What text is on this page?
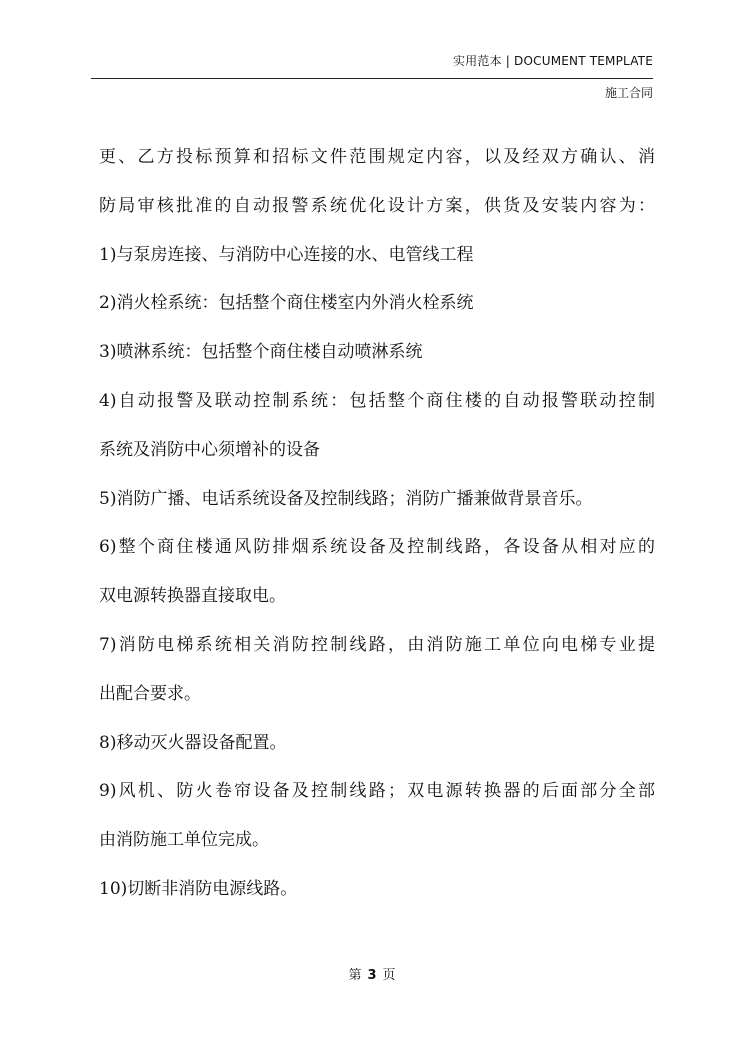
实用范本 | DOCUMENT TEMPLATE
施工合同
更、乙方投标预算和招标文件范围规定内容，以及经双方确认、消
防局审核批准的自动报警系统优化设计方案，供货及安装内容为：
1)与泵房连接、与消防中心连接的水、电管线工程
2)消火栓系统：包括整个商住楼室内外消火栓系统
3)喷淋系统：包括整个商住楼自动喷淋系统
4)自动报警及联动控制系统：包括整个商住楼的自动报警联动控制
系统及消防中心须增补的设备
5)消防广播、电话系统设备及控制线路；消防广播兼做背景音乐。
6)整个商住楼通风防排烟系统设备及控制线路，各设备从相对应的
双电源转换器直接取电。
7)消防电梯系统相关消防控制线路，由消防施工单位向电梯专业提
出配合要求。
8)移动灭火器设备配置。
9)风机、防火卷帘设备及控制线路；双电源转换器的后面部分全部
由消防施工单位完成。
10)切断非消防电源线路。
第 3 页
